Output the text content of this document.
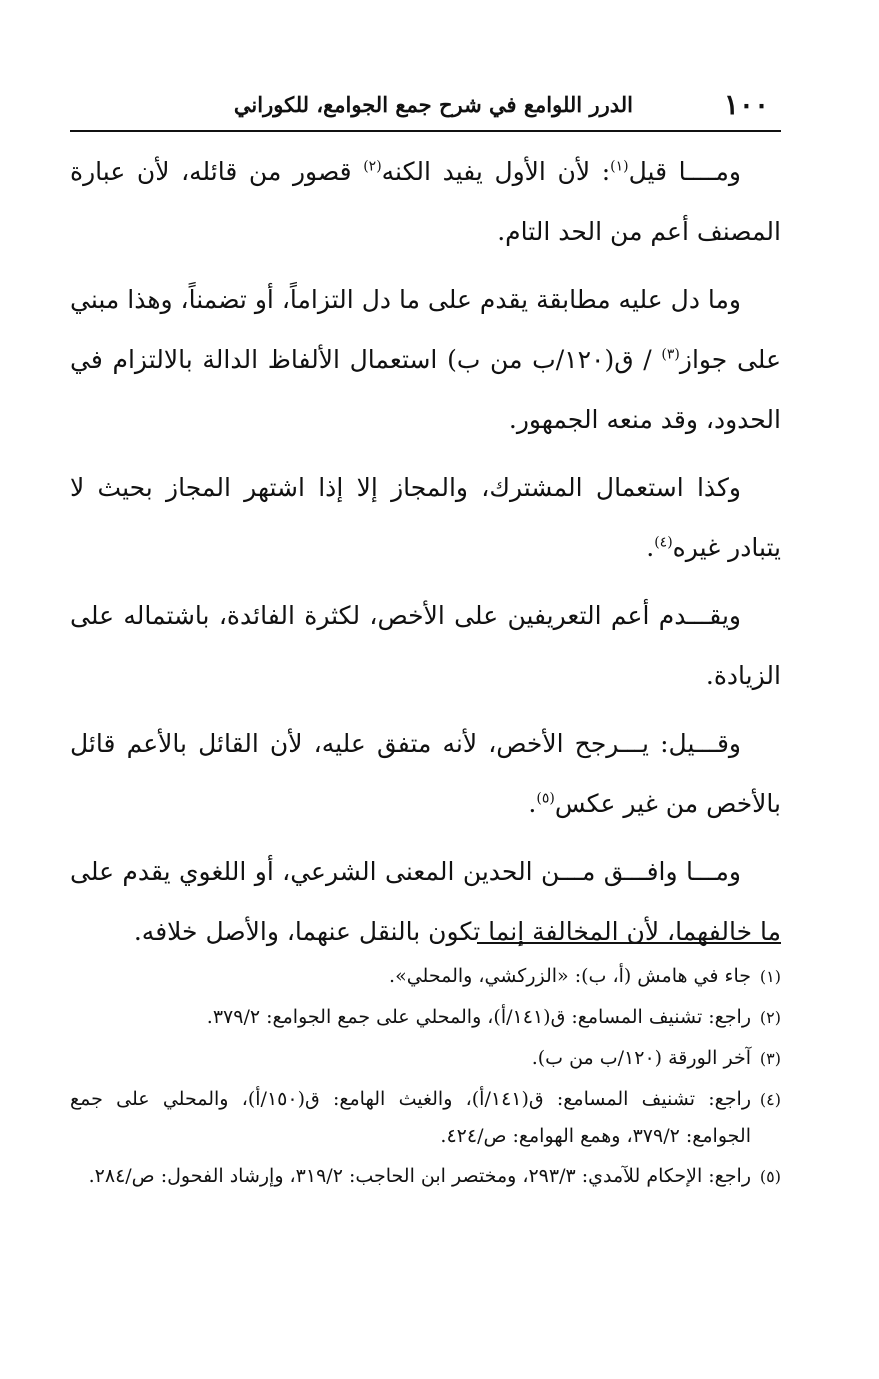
١٠٠
الدرر اللوامع في شرح جمع الجوامع، للكوراني

ومــــا قيل$^{(١)}$: لأن الأول يفيد الكنه$^{(٢)}$ قصور من قائله، لأن عبارة المصنف أعم من الحد التام.

وما دل عليه مطابقة يقدم على ما دل التزاماً، أو تضمناً، وهذا مبني على جواز$^{(٣)}$ / ق(١٢٠/ب من ب) استعمال الألفاظ الدالة بالالتزام في الحدود، وقد منعه الجمهور.

وكذا استعمال المشترك، والمجاز إلا إذا اشتهر المجاز بحيث لا يتبادر غيره$^{(٤)}$.

ويقـــدم أعم التعريفين على الأخص، لكثرة الفائدة، باشتماله على الزيادة.

وقـــيل: يـــرجح الأخص، لأنه متفق عليه، لأن القائل بالأعم قائل بالأخص من غير عكس$^{(٥)}$.

ومـــا وافـــق مـــن الحدين المعنى الشرعي، أو اللغوي يقدم على ما خالفهما، لأن المخالفة إنما تكون بالنقل عنهما، والأصل خلافه.

(١)جاء في هامش (أ، ب): «الزركشي، والمحلي».

(٢)راجع: تشنيف المسامع: ق(١٤١/أ)، والمحلي على جمع الجوامع: ٣٧٩/٢.

(٣)آخر الورقة (١٢٠/ب من ب).

(٤)راجع: تشنيف المسامع: ق(١٤١/أ)، والغيث الهامع: ق(١٥٠/أ)، والمحلي على جمع الجوامع: ٣٧٩/٢، وهمع الهوامع: ص/٤٢٤.

(٥)راجع: الإحكام للآمدي: ٢٩٣/٣، ومختصر ابن الحاجب: ٣١٩/٢، وإرشاد الفحول: ص/٢٨٤.
